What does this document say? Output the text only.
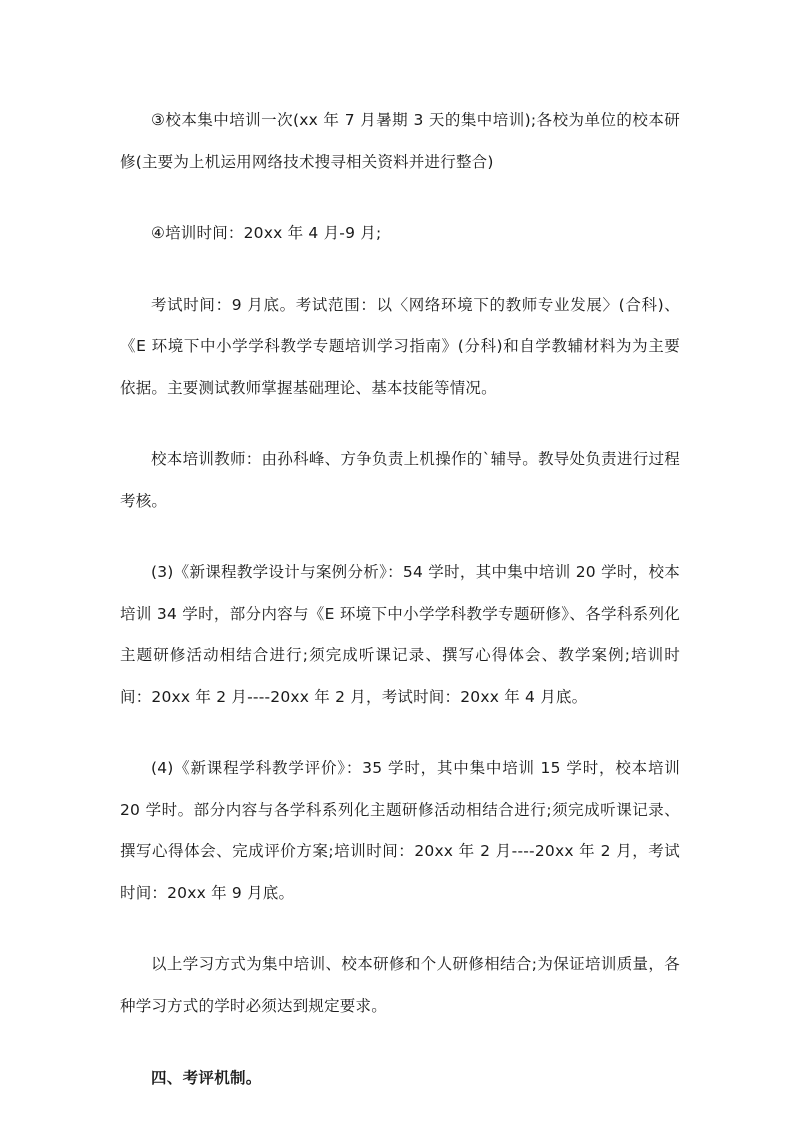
③校本集中培训一次(xx 年 7 月暑期 3 天的集中培训);各校为单位的校本研修(主要为上机运用网络技术搜寻相关资料并进行整合)

④培训时间：20xx 年 4 月-9 月;

考试时间：9 月底。考试范围：以〈网络环境下的教师专业发展〉(合科)、《E 环境下中小学学科教学专题培训学习指南》(分科)和自学教辅材料为为主要依据。主要测试教师掌握基础理论、基本技能等情况。

校本培训教师：由孙科峰、方争负责上机操作的`辅导。教导处负责进行过程考核。

(3)《新课程教学设计与案例分析》：54 学时，其中集中培训 20 学时，校本培训 34 学时，部分内容与《E 环境下中小学学科教学专题研修》、各学科系列化主题研修活动相结合进行;须完成听课记录、撰写心得体会、教学案例;培训时间：20xx 年 2 月----20xx 年 2 月，考试时间：20xx 年 4 月底。

(4)《新课程学科教学评价》：35 学时，其中集中培训 15 学时，校本培训 20 学时。部分内容与各学科系列化主题研修活动相结合进行;须完成听课记录、撰写心得体会、完成评价方案;培训时间：20xx 年 2 月----20xx 年 2 月，考试时间：20xx 年 9 月底。

以上学习方式为集中培训、校本研修和个人研修相结合;为保证培训质量，各种学习方式的学时必须达到规定要求。

四、考评机制。
